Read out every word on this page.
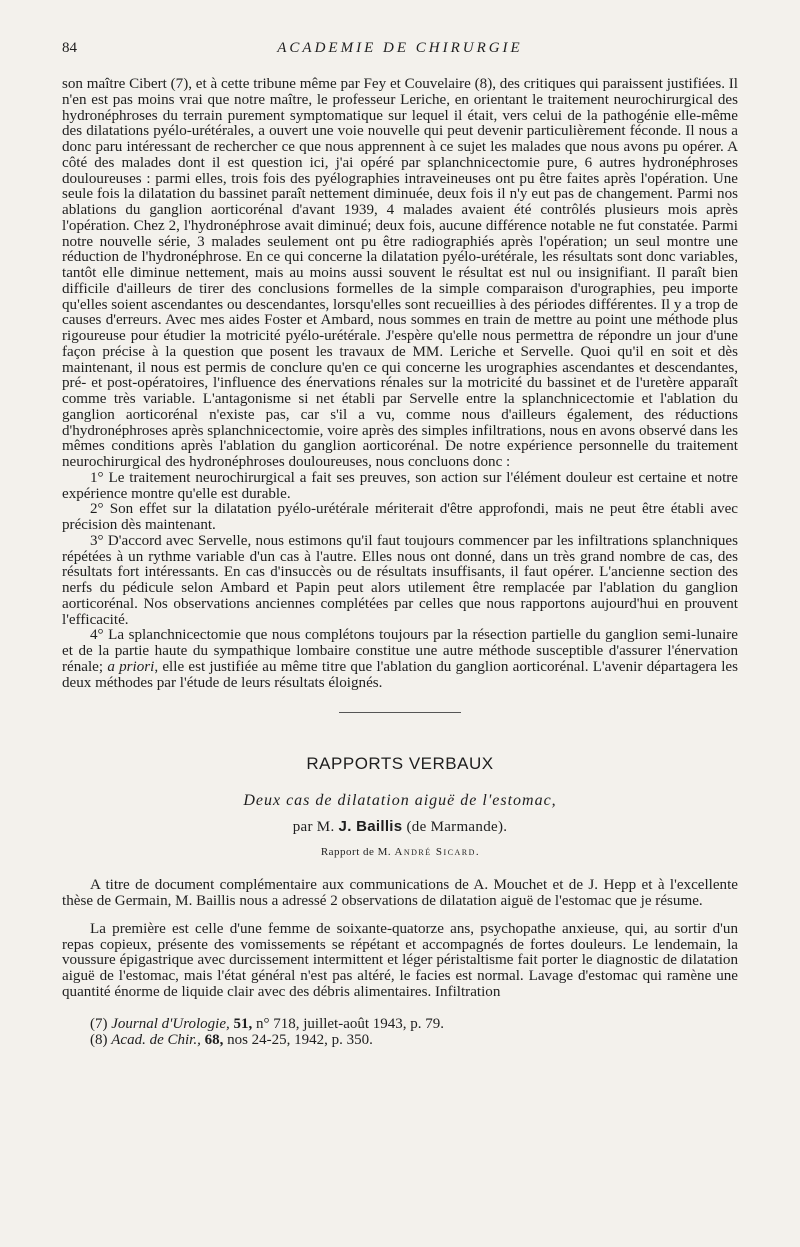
84	ACADEMIE DE CHIRURGIE

son maître Cibert (7), et à cette tribune même par Fey et Couvelaire (8), des critiques qui paraissent justifiées. Il n'en est pas moins vrai que notre maître, le professeur Leriche, en orientant le traitement neurochirurgical des hydronéphroses du terrain purement symptomatique sur lequel il était, vers celui de la pathogénie elle-même des dilatations pyélo-urétérales, a ouvert une voie nouvelle qui peut devenir particulièrement féconde. Il nous a donc paru intéressant de rechercher ce que nous apprennent à ce sujet les malades que nous avons pu opérer. A côté des malades dont il est question ici, j'ai opéré par splanchnicectomie pure, 6 autres hydronéphroses douloureuses : parmi elles, trois fois des pyélographies intraveineuses ont pu être faites après l'opération. Une seule fois la dilatation du bassinet paraît nettement diminuée, deux fois il n'y eut pas de changement. Parmi nos ablations du ganglion aorticorénal d'avant 1939, 4 malades avaient été contrôlés plusieurs mois après l'opération. Chez 2, l'hydronéphrose avait diminué; deux fois, aucune différence notable ne fut constatée. Parmi notre nouvelle série, 3 malades seulement ont pu être radiographiés après l'opération; un seul montre une réduction de l'hydronéphrose. En ce qui concerne la dilatation pyélo-urétérale, les résultats sont donc variables, tantôt elle diminue nettement, mais au moins aussi souvent le résultat est nul ou insignifiant. Il paraît bien difficile d'ailleurs de tirer des conclusions formelles de la simple comparaison d'urographies, peu importe qu'elles soient ascendantes ou descendantes, lorsqu'elles sont recueillies à des périodes différentes. Il y a trop de causes d'erreurs. Avec mes aides Foster et Ambard, nous sommes en train de mettre au point une méthode plus rigoureuse pour étudier la motricité pyélo-urétérale. J'espère qu'elle nous permettra de répondre un jour d'une façon précise à la question que posent les travaux de MM. Leriche et Servelle. Quoi qu'il en soit et dès maintenant, il nous est permis de conclure qu'en ce qui concerne les urographies ascendantes et descendantes, pré- et post-opératoires, l'influence des énervations rénales sur la motricité du bassinet et de l'uretère apparaît comme très variable. L'antagonisme si net établi par Servelle entre la splanchnicectomie et l'ablation du ganglion aorticorénal n'existe pas, car s'il a vu, comme nous d'ailleurs également, des réductions d'hydronéphroses après splanchnicectomie, voire après des simples infiltrations, nous en avons observé dans les mêmes conditions après l'ablation du ganglion aorticorénal. De notre expérience personnelle du traitement neurochirurgical des hydronéphroses douloureuses, nous concluons donc :

1° Le traitement neurochirurgical a fait ses preuves, son action sur l'élément douleur est certaine et notre expérience montre qu'elle est durable.

2° Son effet sur la dilatation pyélo-urétérale mériterait d'être approfondi, mais ne peut être établi avec précision dès maintenant.

3° D'accord avec Servelle, nous estimons qu'il faut toujours commencer par les infiltrations splanchniques répétées à un rythme variable d'un cas à l'autre. Elles nous ont donné, dans un très grand nombre de cas, des résultats fort intéressants. En cas d'insuccès ou de résultats insuffisants, il faut opérer. L'ancienne section des nerfs du pédicule selon Ambard et Papin peut alors utilement être remplacée par l'ablation du ganglion aorticorénal. Nos observations anciennes complétées par celles que nous rapportons aujourd'hui en prouvent l'efficacité.

4° La splanchnicectomie que nous complétons toujours par la résection partielle du ganglion semi-lunaire et de la partie haute du sympathique lombaire constitue une autre méthode susceptible d'assurer l'énervation rénale; a priori, elle est justifiée au même titre que l'ablation du ganglion aorticorénal. L'avenir départagera les deux méthodes par l'étude de leurs résultats éloignés.

RAPPORTS VERBAUX
Deux cas de dilatation aiguë de l'estomac,
par M. J. Baillis (de Marmande).
Rapport de M. André Sicard.

A titre de document complémentaire aux communications de A. Mouchet et de J. Hepp et à l'excellente thèse de Germain, M. Baillis nous a adressé 2 observations de dilatation aiguë de l'estomac que je résume.

La première est celle d'une femme de soixante-quatorze ans, psychopathe anxieuse, qui, au sortir d'un repas copieux, présente des vomissements se répétant et accompagnés de fortes douleurs. Le lendemain, la voussure épigastrique avec durcissement intermittent et léger péristaltisme fait porter le diagnostic de dilatation aiguë de l'estomac, mais l'état général n'est pas altéré, le facies est normal. Lavage d'estomac qui ramène une quantité énorme de liquide clair avec des débris alimentaires. Infiltration

(7) Journal d'Urologie, 51, n° 718, juillet-août 1943, p. 79.
(8) Acad. de Chir., 68, nos 24-25, 1942, p. 350.
